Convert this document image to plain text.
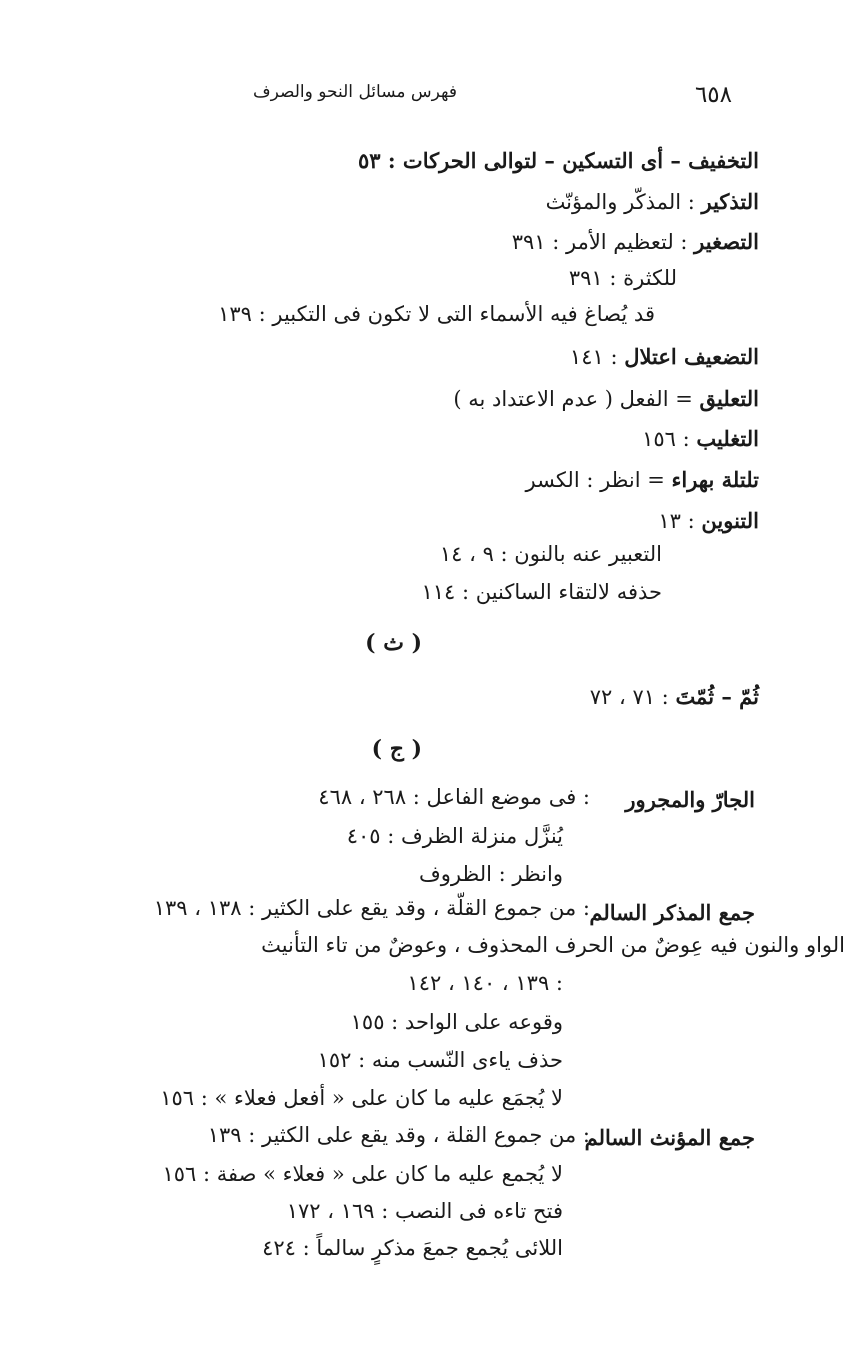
٦٥٨
فهرس مسائل النحو والصرف
التخفيف – أى التسكين – لتوالى الحركات : ٥٣
التذكير : المذكّر والمؤنّث
التصغير : لتعظيم الأمر : ٣٩١
للكثرة : ٣٩١
قد يُصاغ فيه الأسماء التى لا تكون فى التكبير : ١٣٩
التضعيف اعتلال : ١٤١
التعليق = الفعل ( عدم الاعتداد به )
التغليب : ١٥٦
تلتلة بهراء = انظر : الكسر
التنوين : ١٣
التعبير عنه بالنون : ٩ ، ١٤
حذفه لالتقاء الساكنين : ١١٤
( ث )
ثُمّ – ثُمّتَ : ٧١ ، ٧٢
( ج )
الجارّ والمجرور
: فى موضع الفاعل : ٢٦٨ ، ٤٦٨
يُنزَّل منزلة الظرف : ٤٠٥
وانظر : الظروف
جمع المذكر السالم
: من جموع القلّة ، وقد يقع على الكثير : ١٣٨ ، ١٣٩
الواو والنون فيه عِوضٌ من الحرف المحذوف ، وعوضٌ من تاء التأنيث
: ١٣٩ ، ١٤٠ ، ١٤٢
وقوعه على الواحد : ١٥٥
حذف ياءى النّسب منه : ١٥٢
لا يُجمَع عليه ما كان على « أفعل فعلاء » : ١٥٦
جمع المؤنث السالم
: من جموع القلة ، وقد يقع على الكثير : ١٣٩
لا يُجمع عليه ما كان على « فعلاء » صفة : ١٥٦
فتح تاءه فى النصب : ١٦٩ ، ١٧٢
اللائى يُجمع جمعَ مذكرٍ سالماً : ٤٢٤
